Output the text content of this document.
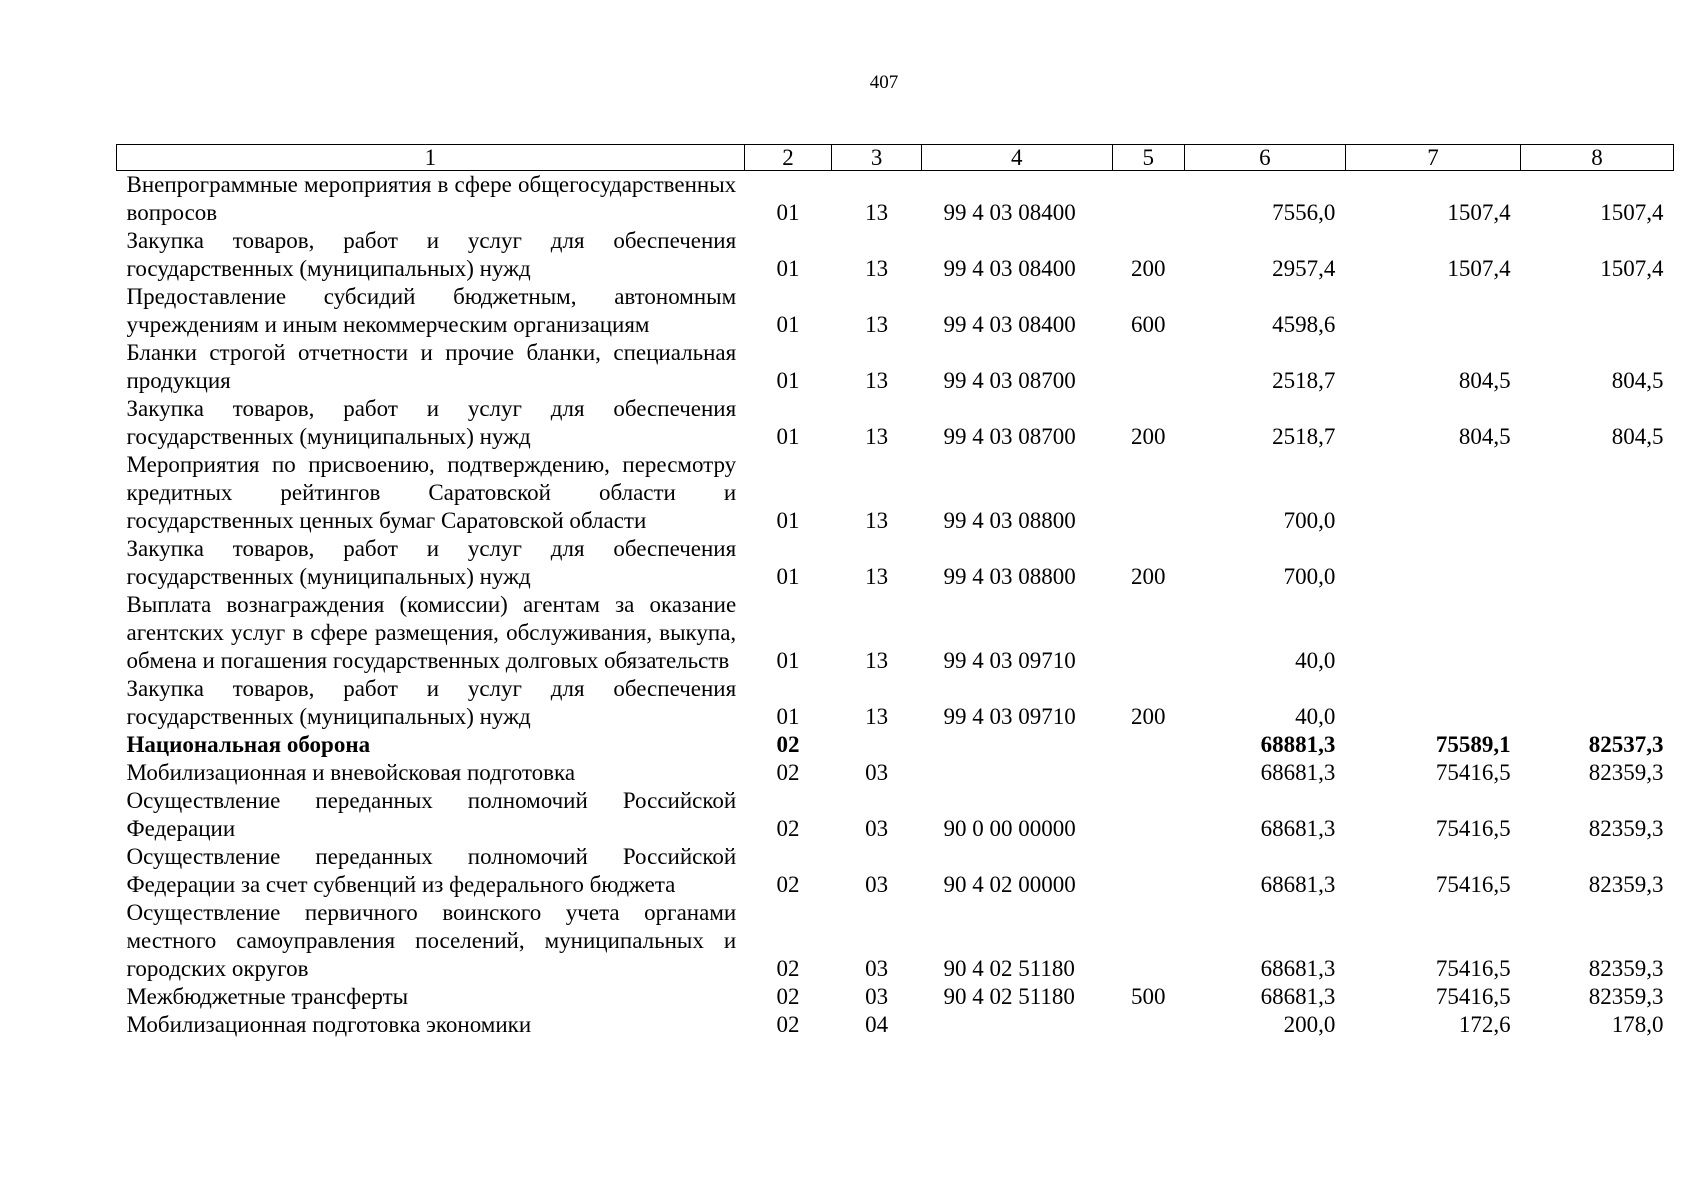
407
1	2	3	4	5	6	7	8
Внепрограммные мероприятия в сфере общегосударственных вопросов	01	13	99 4 03 08400		7556,0	1507,4	1507,4
Закупка товаров, работ и услуг для обеспечения государственных (муниципальных) нужд	01	13	99 4 03 08400	200	2957,4	1507,4	1507,4
Предоставление субсидий бюджетным, автономным учреждениям и иным некоммерческим организациям	01	13	99 4 03 08400	600	4598,6		
Бланки строгой отчетности и прочие бланки, специальная продукция	01	13	99 4 03 08700		2518,7	804,5	804,5
Закупка товаров, работ и услуг для обеспечения государственных (муниципальных) нужд	01	13	99 4 03 08700	200	2518,7	804,5	804,5
Мероприятия по присвоению, подтверждению, пересмотру кредитных рейтингов Саратовской области и государственных ценных бумаг Саратовской области	01	13	99 4 03 08800		700,0		
Закупка товаров, работ и услуг для обеспечения государственных (муниципальных) нужд	01	13	99 4 03 08800	200	700,0		
Выплата вознаграждения (комиссии) агентам за оказание агентских услуг в сфере размещения, обслуживания, выкупа, обмена и погашения государственных долговых обязательств	01	13	99 4 03 09710		40,0		
Закупка товаров, работ и услуг для обеспечения государственных (муниципальных) нужд	01	13	99 4 03 09710	200	40,0		
Национальная оборона	02				68881,3	75589,1	82537,3
Мобилизационная и вневойсковая подготовка	02	03			68681,3	75416,5	82359,3
Осуществление переданных полномочий Российской Федерации	02	03	90 0 00 00000		68681,3	75416,5	82359,3
Осуществление переданных полномочий Российской Федерации за счет субвенций из федерального бюджета	02	03	90 4 02 00000		68681,3	75416,5	82359,3
Осуществление первичного воинского учета органами местного самоуправления поселений, муниципальных и городских округов	02	03	90 4 02 51180		68681,3	75416,5	82359,3
Межбюджетные трансферты	02	03	90 4 02 51180	500	68681,3	75416,5	82359,3
Мобилизационная подготовка экономики	02	04			200,0	172,6	178,0
